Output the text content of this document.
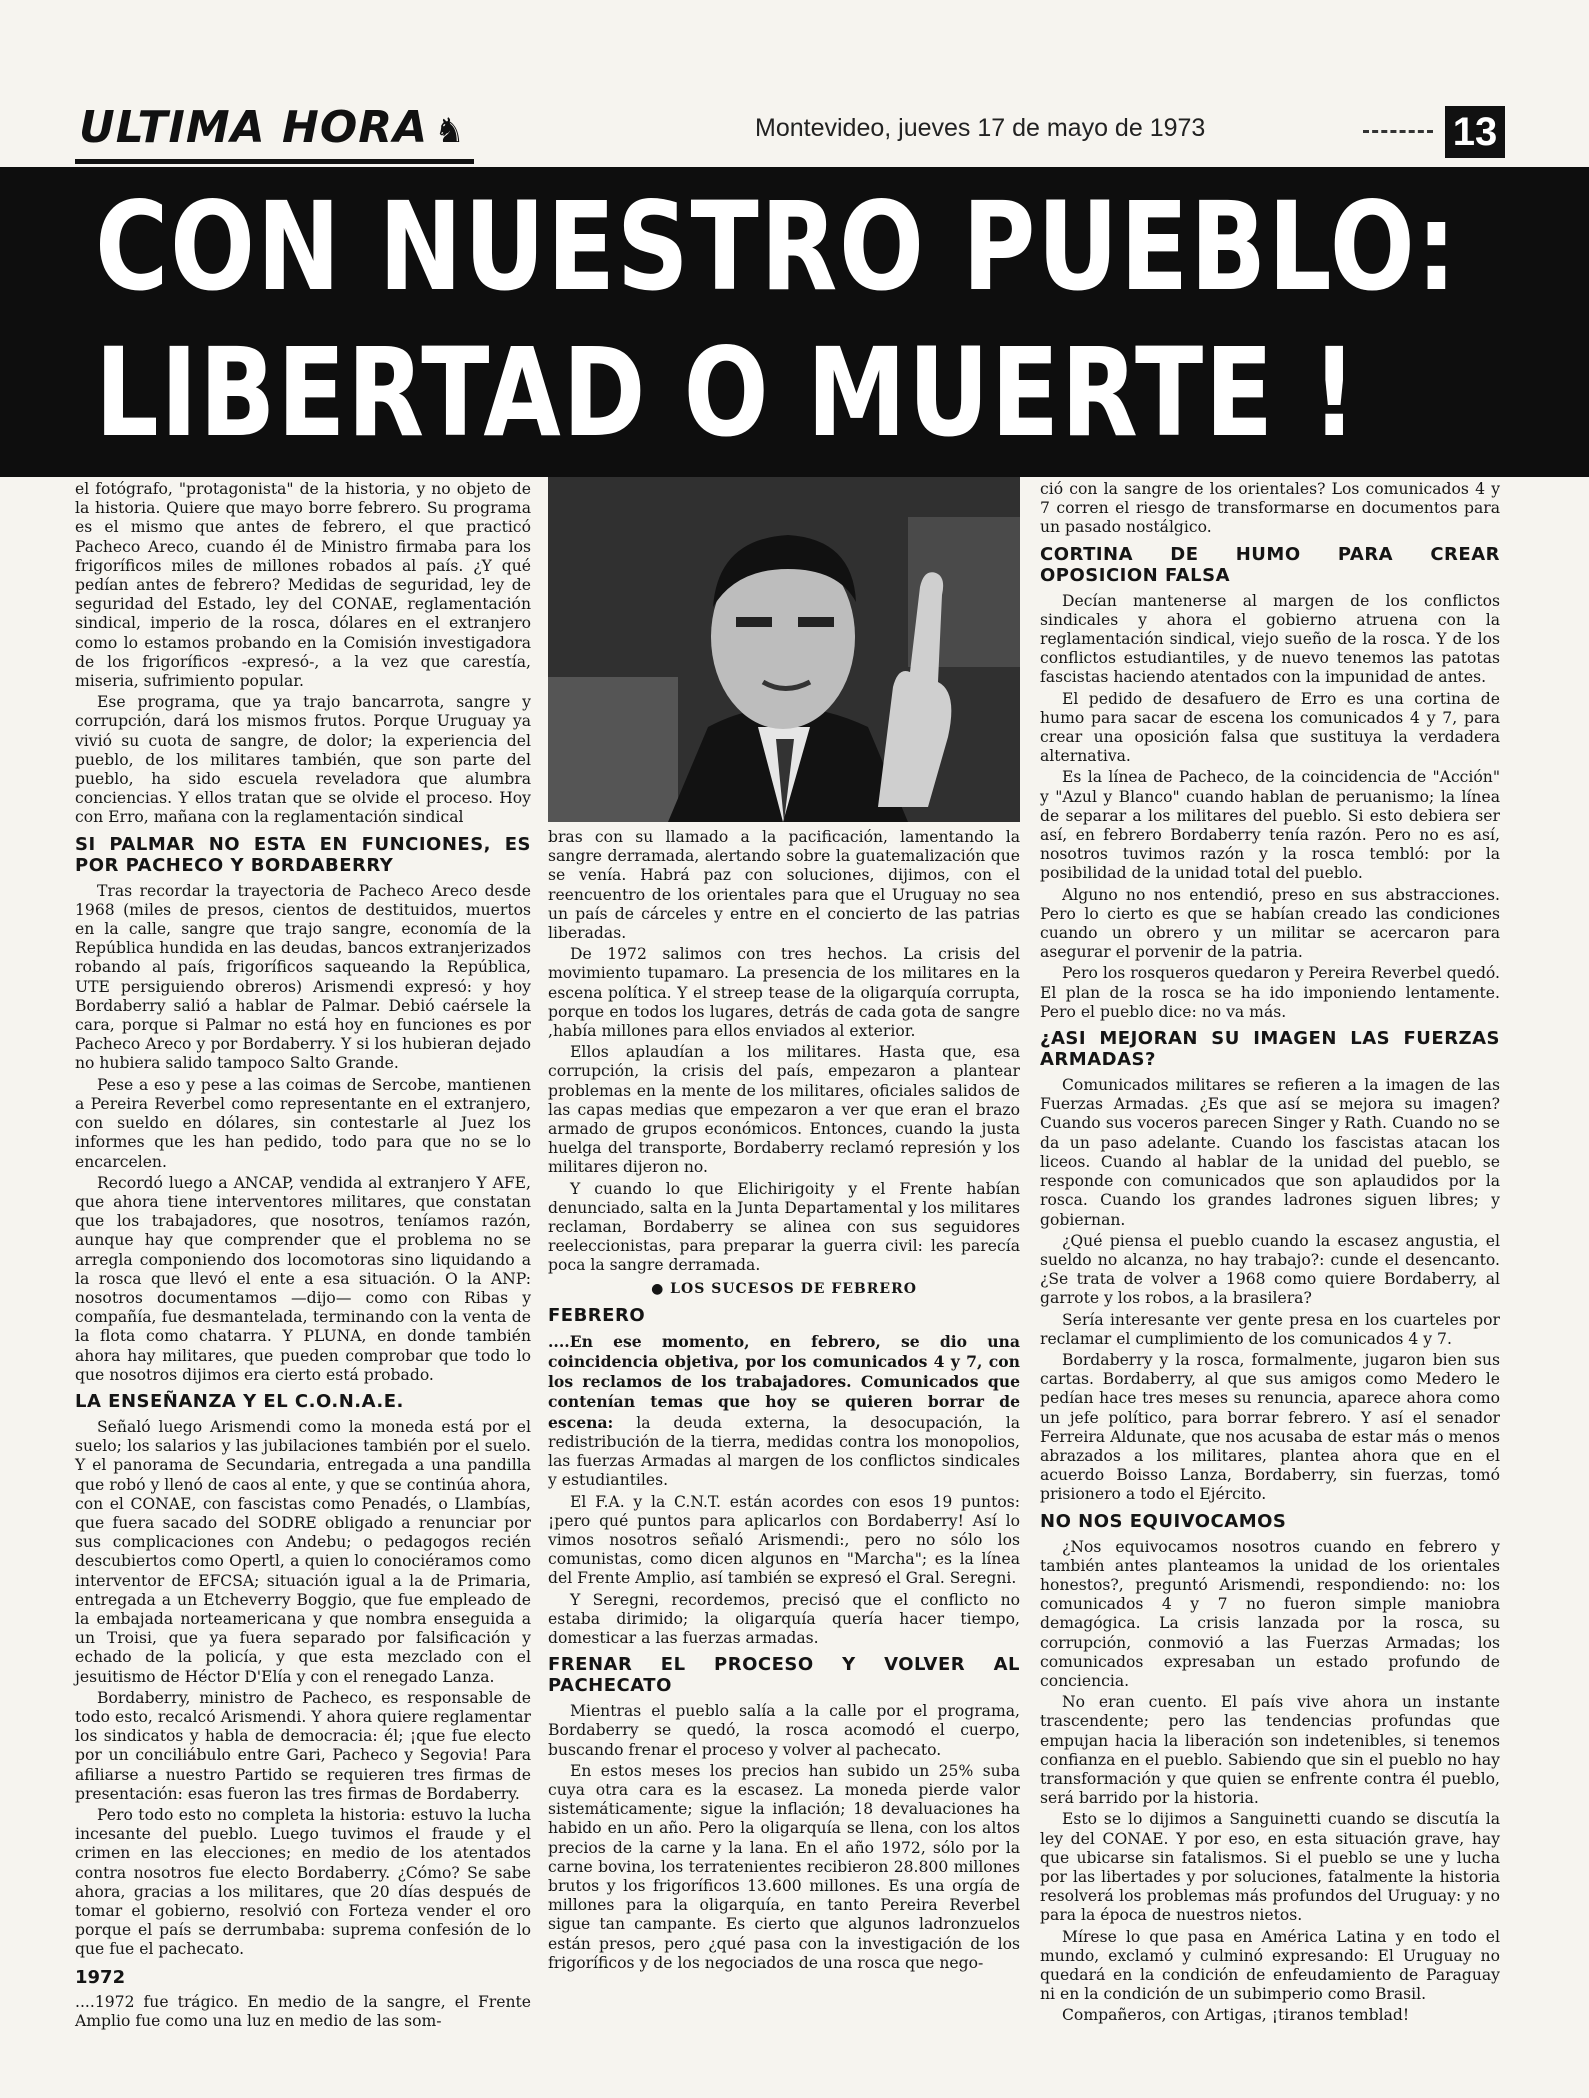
ULTIMA HORA ♞	Montevideo, jueves 17 de mayo de 1973	13
CON NUESTRO PUEBLO:
LIBERTAD O MUERTE !

el fotógrafo, "protagonista" de la historia, y no objeto de la historia. Quiere que mayo borre febrero. Su programa es el mismo que antes de febrero, el que practicó Pacheco Areco, cuando él de Ministro firmaba para los frigoríficos miles de millones robados al país. ¿Y qué pedían antes de febrero? Medidas de seguridad, ley de seguridad del Estado, ley del CONAE, reglamentación sindical, imperio de la rosca, dólares en el extranjero como lo estamos probando en la Comisión investigadora de los frigoríficos -expresó-, a la vez que carestía, miseria, sufrimiento popular.

Ese programa, que ya trajo bancarrota, sangre y corrupción, dará los mismos frutos. Porque Uruguay ya vivió su cuota de sangre, de dolor; la experiencia del pueblo, de los militares también, que son parte del pueblo, ha sido escuela reveladora que alumbra conciencias. Y ellos tratan que se olvide el proceso. Hoy con Erro, mañana con la reglamentación sindical

SI PALMAR NO ESTA EN FUNCIONES, ES POR PACHECO Y BORDABERRY

Tras recordar la trayectoria de Pacheco Areco desde 1968 (miles de presos, cientos de destituidos, muertos en la calle, sangre que trajo sangre, economía de la República hundida en las deudas, bancos extranjerizados robando al país, frigoríficos saqueando la República, UTE persiguiendo obreros) Arismendi expresó: y hoy Bordaberry salió a hablar de Palmar. Debió caérsele la cara, porque si Palmar no está hoy en funciones es por Pacheco Areco y por Bordaberry. Y si los hubieran dejado no hubiera salido tampoco Salto Grande.

Pese a eso y pese a las coimas de Sercobe, mantienen a Pereira Reverbel como representante en el extranjero, con sueldo en dólares, sin contestarle al Juez los informes que les han pedido, todo para que no se lo encarcelen.

Recordó luego a ANCAP, vendida al extranjero Y AFE, que ahora tiene interventores militares, que constatan que los trabajadores, que nosotros, teníamos razón, aunque hay que comprender que el problema no se arregla componiendo dos locomotoras sino liquidando a la rosca que llevó el ente a esa situación. O la ANP: nosotros documentamos —dijo— como con Ribas y compañía, fue desmantelada, terminando con la venta de la flota como chatarra. Y PLUNA, en donde también ahora hay militares, que pueden comprobar que todo lo que nosotros dijimos era cierto está probado.

LA ENSEÑANZA Y EL C.O.N.A.E.

Señaló luego Arismendi como la moneda está por el suelo; los salarios y las jubilaciones también por el suelo. Y el panorama de Secundaria, entregada a una pandilla que robó y llenó de caos al ente, y que se continúa ahora, con el CONAE, con fascistas como Penadés, o Llambías, que fuera sacado del SODRE obligado a renunciar por sus complicaciones con Andebu; o pedagogos recién descubiertos como Opertl, a quien lo conociéramos como interventor de EFCSA; situación igual a la de Primaria, entregada a un Etcheverry Boggio, que fue empleado de la embajada norteamericana y que nombra enseguida a un Troisi, que ya fuera separado por falsificación y echado de la policía, y que esta mezclado con el jesuitismo de Héctor D'Elía y con el renegado Lanza.

Bordaberry, ministro de Pacheco, es responsable de todo esto, recalcó Arismendi. Y ahora quiere reglamentar los sindicatos y habla de democracia: él; ¡que fue electo por un conciliábulo entre Gari, Pacheco y Segovia! Para afiliarse a nuestro Partido se requieren tres firmas de presentación: esas fueron las tres firmas de Bordaberry.

Pero todo esto no completa la historia: estuvo la lucha incesante del pueblo. Luego tuvimos el fraude y el crimen en las elecciones; en medio de los atentados contra nosotros fue electo Bordaberry. ¿Cómo? Se sabe ahora, gracias a los militares, que 20 días después de tomar el gobierno, resolvió con Forteza vender el oro porque el país se derrumbaba: suprema confesión de lo que fue el pachecato.

1972

....1972 fue trágico. En medio de la sangre, el Frente Amplio fue como una luz en medio de las som-

bras con su llamado a la pacificación, lamentando la sangre derramada, alertando sobre la guatemalización que se venía. Habrá paz con soluciones, dijimos, con el reencuentro de los orientales para que el Uruguay no sea un país de cárceles y entre en el concierto de las patrias liberadas.

De 1972 salimos con tres hechos. La crisis del movimiento tupamaro. La presencia de los militares en la escena política. Y el streep tease de la oligarquía corrupta, porque en todos los lugares, detrás de cada gota de sangre ,había millones para ellos enviados al exterior.

Ellos aplaudían a los militares. Hasta que, esa corrupción, la crisis del país, empezaron a plantear problemas en la mente de los militares, oficiales salidos de las capas medias que empezaron a ver que eran el brazo armado de grupos económicos. Entonces, cuando la justa huelga del transporte, Bordaberry reclamó represión y los militares dijeron no.

Y cuando lo que Elichirigoity y el Frente habían denunciado, salta en la Junta Departamental y los militares reclaman, Bordaberry se alinea con sus seguidores reeleccionistas, para preparar la guerra civil: les parecía poca la sangre derramada.

● LOS SUCESOS DE FEBRERO
FEBRERO

....En ese momento, en febrero, se dio una coincidencia objetiva, por los comunicados 4 y 7, con los reclamos de los trabajadores. Comunicados que contenían temas que hoy se quieren borrar de escena: la deuda externa, la desocupación, la redistribución de la tierra, medidas contra los monopolios, las fuerzas Armadas al margen de los conflictos sindicales y estudiantiles.

El F.A. y la C.N.T. están acordes con esos 19 puntos: ¡pero qué puntos para aplicarlos con Bordaberry! Así lo vimos nosotros señaló Arismendi:, pero no sólo los comunistas, como dicen algunos en "Marcha"; es la línea del Frente Amplio, así también se expresó el Gral. Seregni.

Y Seregni, recordemos, precisó que el conflicto no estaba dirimido; la oligarquía quería hacer tiempo, domesticar a las fuerzas armadas.

FRENAR EL PROCESO Y VOLVER AL PACHECATO

Mientras el pueblo salía a la calle por el programa, Bordaberry se quedó, la rosca acomodó el cuerpo, buscando frenar el proceso y volver al pachecato.

En estos meses los precios han subido un 25% suba cuya otra cara es la escasez. La moneda pierde valor sistemáticamente; sigue la inflación; 18 devaluaciones ha habido en un año. Pero la oligarquía se llena, con los altos precios de la carne y la lana. En el año 1972, sólo por la carne bovina, los terratenientes recibieron 28.800 millones brutos y los frigoríficos 13.600 millones. Es una orgía de millones para la oligarquía, en tanto Pereira Reverbel sigue tan campante. Es cierto que algunos ladronzuelos están presos, pero ¿qué pasa con la investigación de los frigoríficos y de los negociados de una rosca que nego-

ció con la sangre de los orientales? Los comunicados 4 y 7 corren el riesgo de transformarse en documentos para un pasado nostálgico.

CORTINA DE HUMO PARA CREAR OPOSICION FALSA

Decían mantenerse al margen de los conflictos sindicales y ahora el gobierno atruena con la reglamentación sindical, viejo sueño de la rosca. Y de los conflictos estudiantiles, y de nuevo tenemos las patotas fascistas haciendo atentados con la impunidad de antes.

El pedido de desafuero de Erro es una cortina de humo para sacar de escena los comunicados 4 y 7, para crear una oposición falsa que sustituya la verdadera alternativa.

Es la línea de Pacheco, de la coincidencia de "Acción" y "Azul y Blanco" cuando hablan de peruanismo; la línea de separar a los militares del pueblo. Si esto debiera ser así, en febrero Bordaberry tenía razón. Pero no es así, nosotros tuvimos razón y la rosca tembló: por la posibilidad de la unidad total del pueblo.

Alguno no nos entendió, preso en sus abstracciones. Pero lo cierto es que se habían creado las condiciones cuando un obrero y un militar se acercaron para asegurar el porvenir de la patria.

Pero los rosqueros quedaron y Pereira Reverbel quedó. El plan de la rosca se ha ido imponiendo lentamente. Pero el pueblo dice: no va más.

¿ASI MEJORAN SU IMAGEN LAS FUERZAS ARMADAS?

Comunicados militares se refieren a la imagen de las Fuerzas Armadas. ¿Es que así se mejora su imagen? Cuando sus voceros parecen Singer y Rath. Cuando no se da un paso adelante. Cuando los fascistas atacan los liceos. Cuando al hablar de la unidad del pueblo, se responde con comunicados que son aplaudidos por la rosca. Cuando los grandes ladrones siguen libres; y gobiernan.

¿Qué piensa el pueblo cuando la escasez angustia, el sueldo no alcanza, no hay trabajo?: cunde el desencanto. ¿Se trata de volver a 1968 como quiere Bordaberry, al garrote y los robos, a la brasilera?

Sería interesante ver gente presa en los cuarteles por reclamar el cumplimiento de los comunicados 4 y 7.

Bordaberry y la rosca, formalmente, jugaron bien sus cartas. Bordaberry, al que sus amigos como Medero le pedían hace tres meses su renuncia, aparece ahora como un jefe político, para borrar febrero. Y así el senador Ferreira Aldunate, que nos acusaba de estar más o menos abrazados a los militares, plantea ahora que en el acuerdo Boisso Lanza, Bordaberry, sin fuerzas, tomó prisionero a todo el Ejército.

NO NOS EQUIVOCAMOS

¿Nos equivocamos nosotros cuando en febrero y también antes planteamos la unidad de los orientales honestos?, preguntó Arismendi, respondiendo: no: los comunicados 4 y 7 no fueron simple maniobra demagógica. La crisis lanzada por la rosca, su corrupción, conmovió a las Fuerzas Armadas; los comunicados expresaban un estado profundo de conciencia.

No eran cuento. El país vive ahora un instante trascendente; pero las tendencias profundas que empujan hacia la liberación son indetenibles, si tenemos confianza en el pueblo. Sabiendo que sin el pueblo no hay transformación y que quien se enfrente contra él pueblo, será barrido por la historia.

Esto se lo dijimos a Sanguinetti cuando se discutía la ley del CONAE. Y por eso, en esta situación grave, hay que ubicarse sin fatalismos. Si el pueblo se une y lucha por las libertades y por soluciones, fatalmente la historia resolverá los problemas más profundos del Uruguay: y no para la época de nuestros nietos.

Mírese lo que pasa en América Latina y en todo el mundo, exclamó y culminó expresando: El Uruguay no quedará en la condición de enfeudamiento de Paraguay ni en la condición de un subimperio como Brasil.

Compañeros, con Artigas, ¡tiranos temblad!
